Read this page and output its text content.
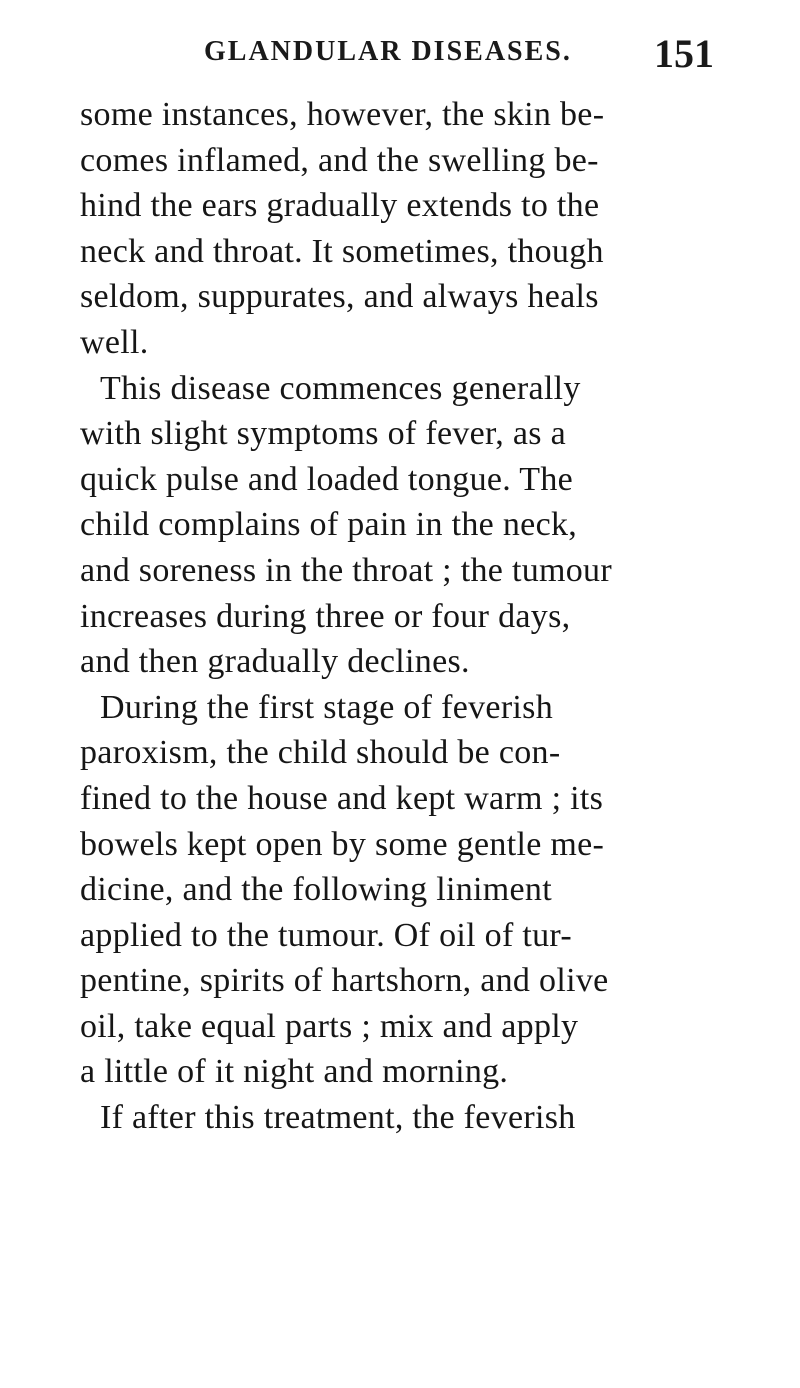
GLANDULAR DISEASES. 151
some instances, however, the skin be-
comes inflamed, and the swelling be-
hind the ears gradually extends to the
neck and throat. It sometimes, though
seldom, suppurates, and always heals
well.
This disease commences generally
with slight symptoms of fever, as a
quick pulse and loaded tongue. The
child complains of pain in the neck,
and soreness in the throat ; the tumour
increases during three or four days,
and then gradually declines.
During the first stage of feverish
paroxism, the child should be con-
fined to the house and kept warm ; its
bowels kept open by some gentle me-
dicine, and the following liniment
applied to the tumour. Of oil of tur-
pentine, spirits of hartshorn, and olive
oil, take equal parts ; mix and apply
a little of it night and morning.
If after this treatment, the feverish
